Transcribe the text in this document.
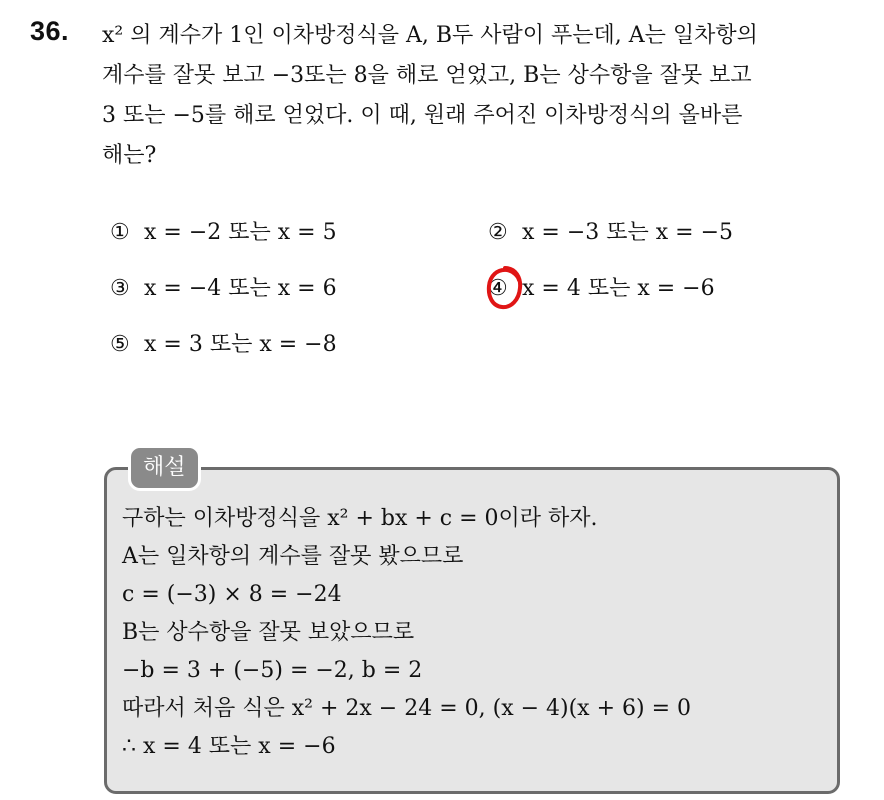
36. x² 의 계수가 1인 이차방정식을 A, B두 사람이 푸는데, A는 일차항의
계수를 잘못 보고 −3또는 8을 해로 얻었고, B는 상수항을 잘못 보고
3 또는 −5를 해로 얻었다. 이 때, 원래 주어진 이차방정식의 올바른
해는?
① x = −2 또는 x = 5	② x = −3 또는 x = −5
③ x = −4 또는 x = 6	④ x = 4 또는 x = −6
⑤ x = 3 또는 x = −8
해설
구하는 이차방정식을 x² + bx + c = 0이라 하자.
A는 일차항의 계수를 잘못 봤으므로
c = (−3) × 8 = −24
B는 상수항을 잘못 보았으므로
−b = 3 + (−5) = −2, b = 2
따라서 처음 식은 x² + 2x − 24 = 0, (x − 4)(x + 6) = 0
∴ x = 4 또는 x = −6
